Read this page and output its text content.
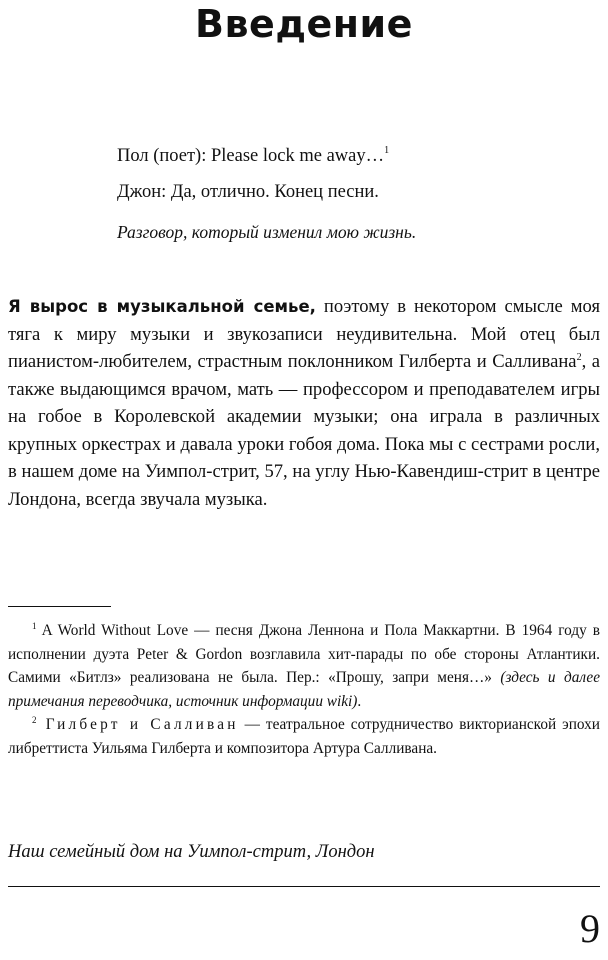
Введение
Пол (поет): Please lock me away…$^1$
Джон: Да, отлично. Конец песни.
Разговор, который изменил мою жизнь.

Я вырос в музыкальной семье, поэтому в некотором смысле моя тяга к миру музыки и звукозаписи неудивительна. Мой отец был пианистом-любителем, страстным поклонником Гилберта и Салливана$^2$, а также выдающимся врачом, мать — профессором и преподавателем игры на гобое в Королевской академии музыки; она играла в различных крупных оркестрах и давала уроки гобоя дома. Пока мы с сестрами росли, в нашем доме на Уимпол-стрит, 57, на углу Нью-Кавендиш-стрит в центре Лондона, всегда звучала музыка.

$^1$ A World Without Love — песня Джона Леннона и Пола Маккартни. В 1964 году в исполнении дуэта Peter & Gordon возглавила хит-парады по обе стороны Атлантики. Самими «Битлз» реализована не была. Пер.: «Прошу, запри меня…» (здесь и далее примечания переводчика, источник информации wiki).

$^2$ Гилберт и Салливан — театральное сотрудничество викторианской эпохи либреттиста Уильяма Гилберта и композитора Артура Салливана.

Наш семейный дом на Уимпол-стрит, Лондон
9
